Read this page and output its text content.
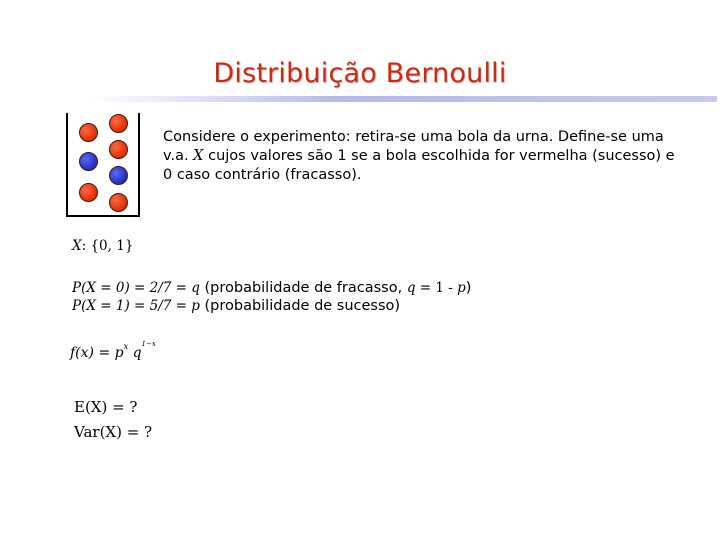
Distribuição Bernoulli
Considere o experimento: retira-se uma bola da urna. Define-se uma v.a. X cujos valores são 1 se a bola escolhida for vermelha (sucesso) e 0 caso contrário (fracasso).
X: {0, 1}
P(X = 0) = 2/7 = q (probabilidade de fracasso, q = 1 - p)
P(X = 1) = 5/7 = p (probabilidade de sucesso)
$f(x) = p^x$ $q^{1-x}$
E(X) = ?
Var(X) = ?
